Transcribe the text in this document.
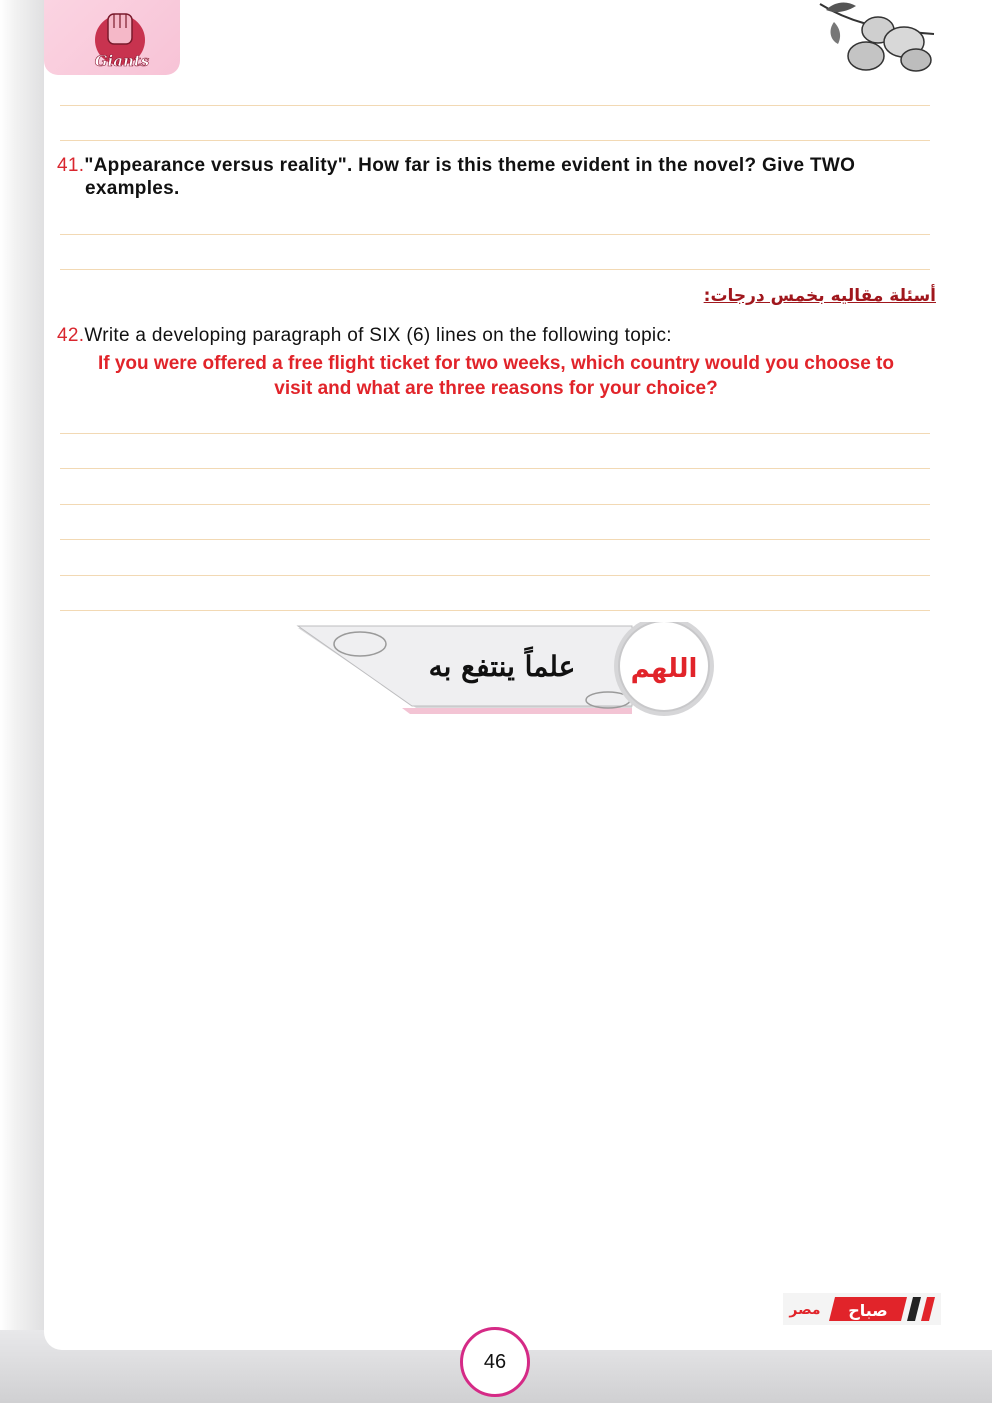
Giants
41."Appearance versus reality". How far is this theme evident in the novel? Give TWO
examples.
أسئلة مقاليه بخمس درجات:
42.Write a developing paragraph of SIX (6) lines on the following topic:
If you were offered a free flight ticket for two weeks, which country would you choose to
visit and what are three reasons for your choice?
اللهم
علماً ينتفع به
صباح
مصر
46
